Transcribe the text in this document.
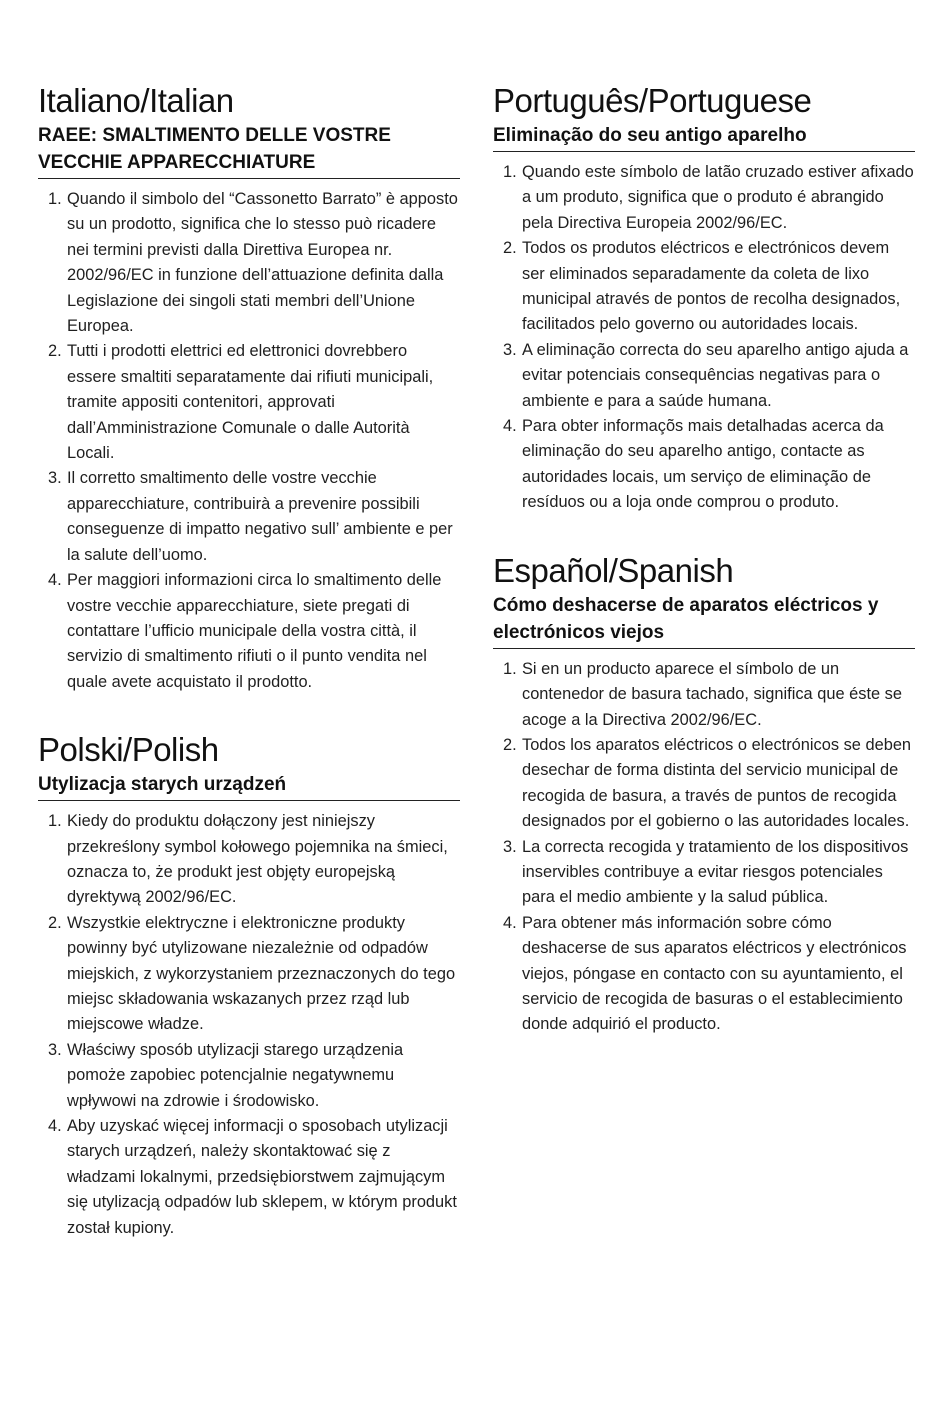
Italiano/Italian
RAEE: SMALTIMENTO DELLE VOSTRE VECCHIE APPARECCHIATURE
1. Quando il simbolo del “Cassonetto Barrato” è apposto su un prodotto, significa che lo stesso può ricadere nei termini previsti dalla Direttiva Europea nr. 2002/96/EC in funzione dell’attuazione definita dalla Legislazione dei singoli stati membri dell’Unione Europea.
2. Tutti i prodotti elettrici ed elettronici dovrebbero essere smaltiti separatamente dai rifiuti municipali, tramite appositi contenitori, approvati dall’Amministrazione Comunale o dalle Autorità Locali.
3. Il corretto smaltimento delle vostre vecchie apparecchiature, contribuirà a prevenire possibili conseguenze di impatto negativo sull’ ambiente e per la salute dell’uomo.
4. Per maggiori informazioni circa lo smaltimento delle vostre vecchie apparecchiature, siete pregati di contattare l’ufficio municipale della vostra città, il servizio di smaltimento rifiuti o il punto vendita nel quale avete acquistato il prodotto.
Polski/Polish
Utylizacja starych urządzeń
1. Kiedy do produktu dołączony jest niniejszy przekreślony symbol kołowego pojemnika na śmieci, oznacza to, że produkt jest objęty europejską dyrektywą 2002/96/EC.
2. Wszystkie elektryczne i elektroniczne produkty powinny być utylizowane niezależnie od odpadów miejskich, z wykorzystaniem przeznaczonych do tego miejsc składowania wskazanych przez rząd lub miejscowe władze.
3. Właściwy sposób utylizacji starego urządzenia pomoże zapobiec potencjalnie negatywnemu wpływowi na zdrowie i środowisko.
4. Aby uzyskać więcej informacji o sposobach utylizacji starych urządzeń, należy skontaktować się z władzami lokalnymi, przedsiębiorstwem zajmującym się utylizacją odpadów lub sklepem, w którym produkt został kupiony.
Português/Portuguese
Eliminação do seu antigo aparelho
1. Quando este símbolo de latão cruzado estiver afixado a um produto, significa que o produto é abrangido pela Directiva Europeia 2002/96/EC.
2. Todos os produtos eléctricos e electrónicos devem ser eliminados separadamente da coleta de lixo municipal através de pontos de recolha designados, facilitados pelo governo ou autoridades locais.
3. A eliminação correcta do seu aparelho antigo ajuda a evitar potenciais consequências negativas para o ambiente e para a saúde humana.
4. Para obter informaçõs mais detalhadas acerca da eliminação do seu aparelho antigo, contacte as autoridades locais, um serviço de eliminação de resíduos ou a loja onde comprou o produto.
Español/Spanish
Cómo deshacerse de aparatos eléctricos y electrónicos viejos
1. Si en un producto aparece el símbolo de un contenedor de basura tachado, significa que éste se acoge a la Directiva 2002/96/EC.
2. Todos los aparatos eléctricos o electrónicos se deben desechar de forma distinta del servicio municipal de recogida de basura, a través de puntos de recogida designados por el gobierno o las autoridades locales.
3. La correcta recogida y tratamiento de los dispositivos inservibles contribuye a evitar riesgos potenciales para el medio ambiente y la salud pública.
4. Para obtener más información sobre cómo deshacerse de sus aparatos eléctricos y electrónicos viejos, póngase en contacto con su ayuntamiento, el servicio de recogida de basuras o el establecimiento donde adquirió el producto.
